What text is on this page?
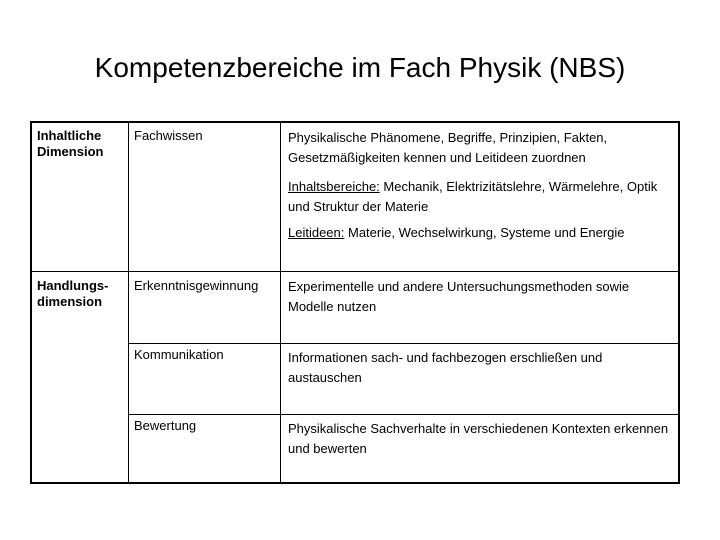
Kompetenzbereiche im Fach Physik (NBS)
Inhaltliche Dimension
Handlungs-dimension
Fachwissen
Erkenntnisgewinnung
Kommunikation
Bewertung
Physikalische Phänomene, Begriffe, Prinzipien, Fakten, Gesetzmäßigkeiten kennen und Leitideen zuordnen
Inhaltsbereiche: Mechanik, Elektrizitätslehre, Wärmelehre, Optik und Struktur der Materie
Leitideen: Materie, Wechselwirkung, Systeme und Energie
Experimentelle und andere Untersuchungsmethoden sowie Modelle nutzen
Informationen sach- und fachbezogen erschließen und austauschen
Physikalische Sachverhalte in verschiedenen Kontexten erkennen und bewerten
